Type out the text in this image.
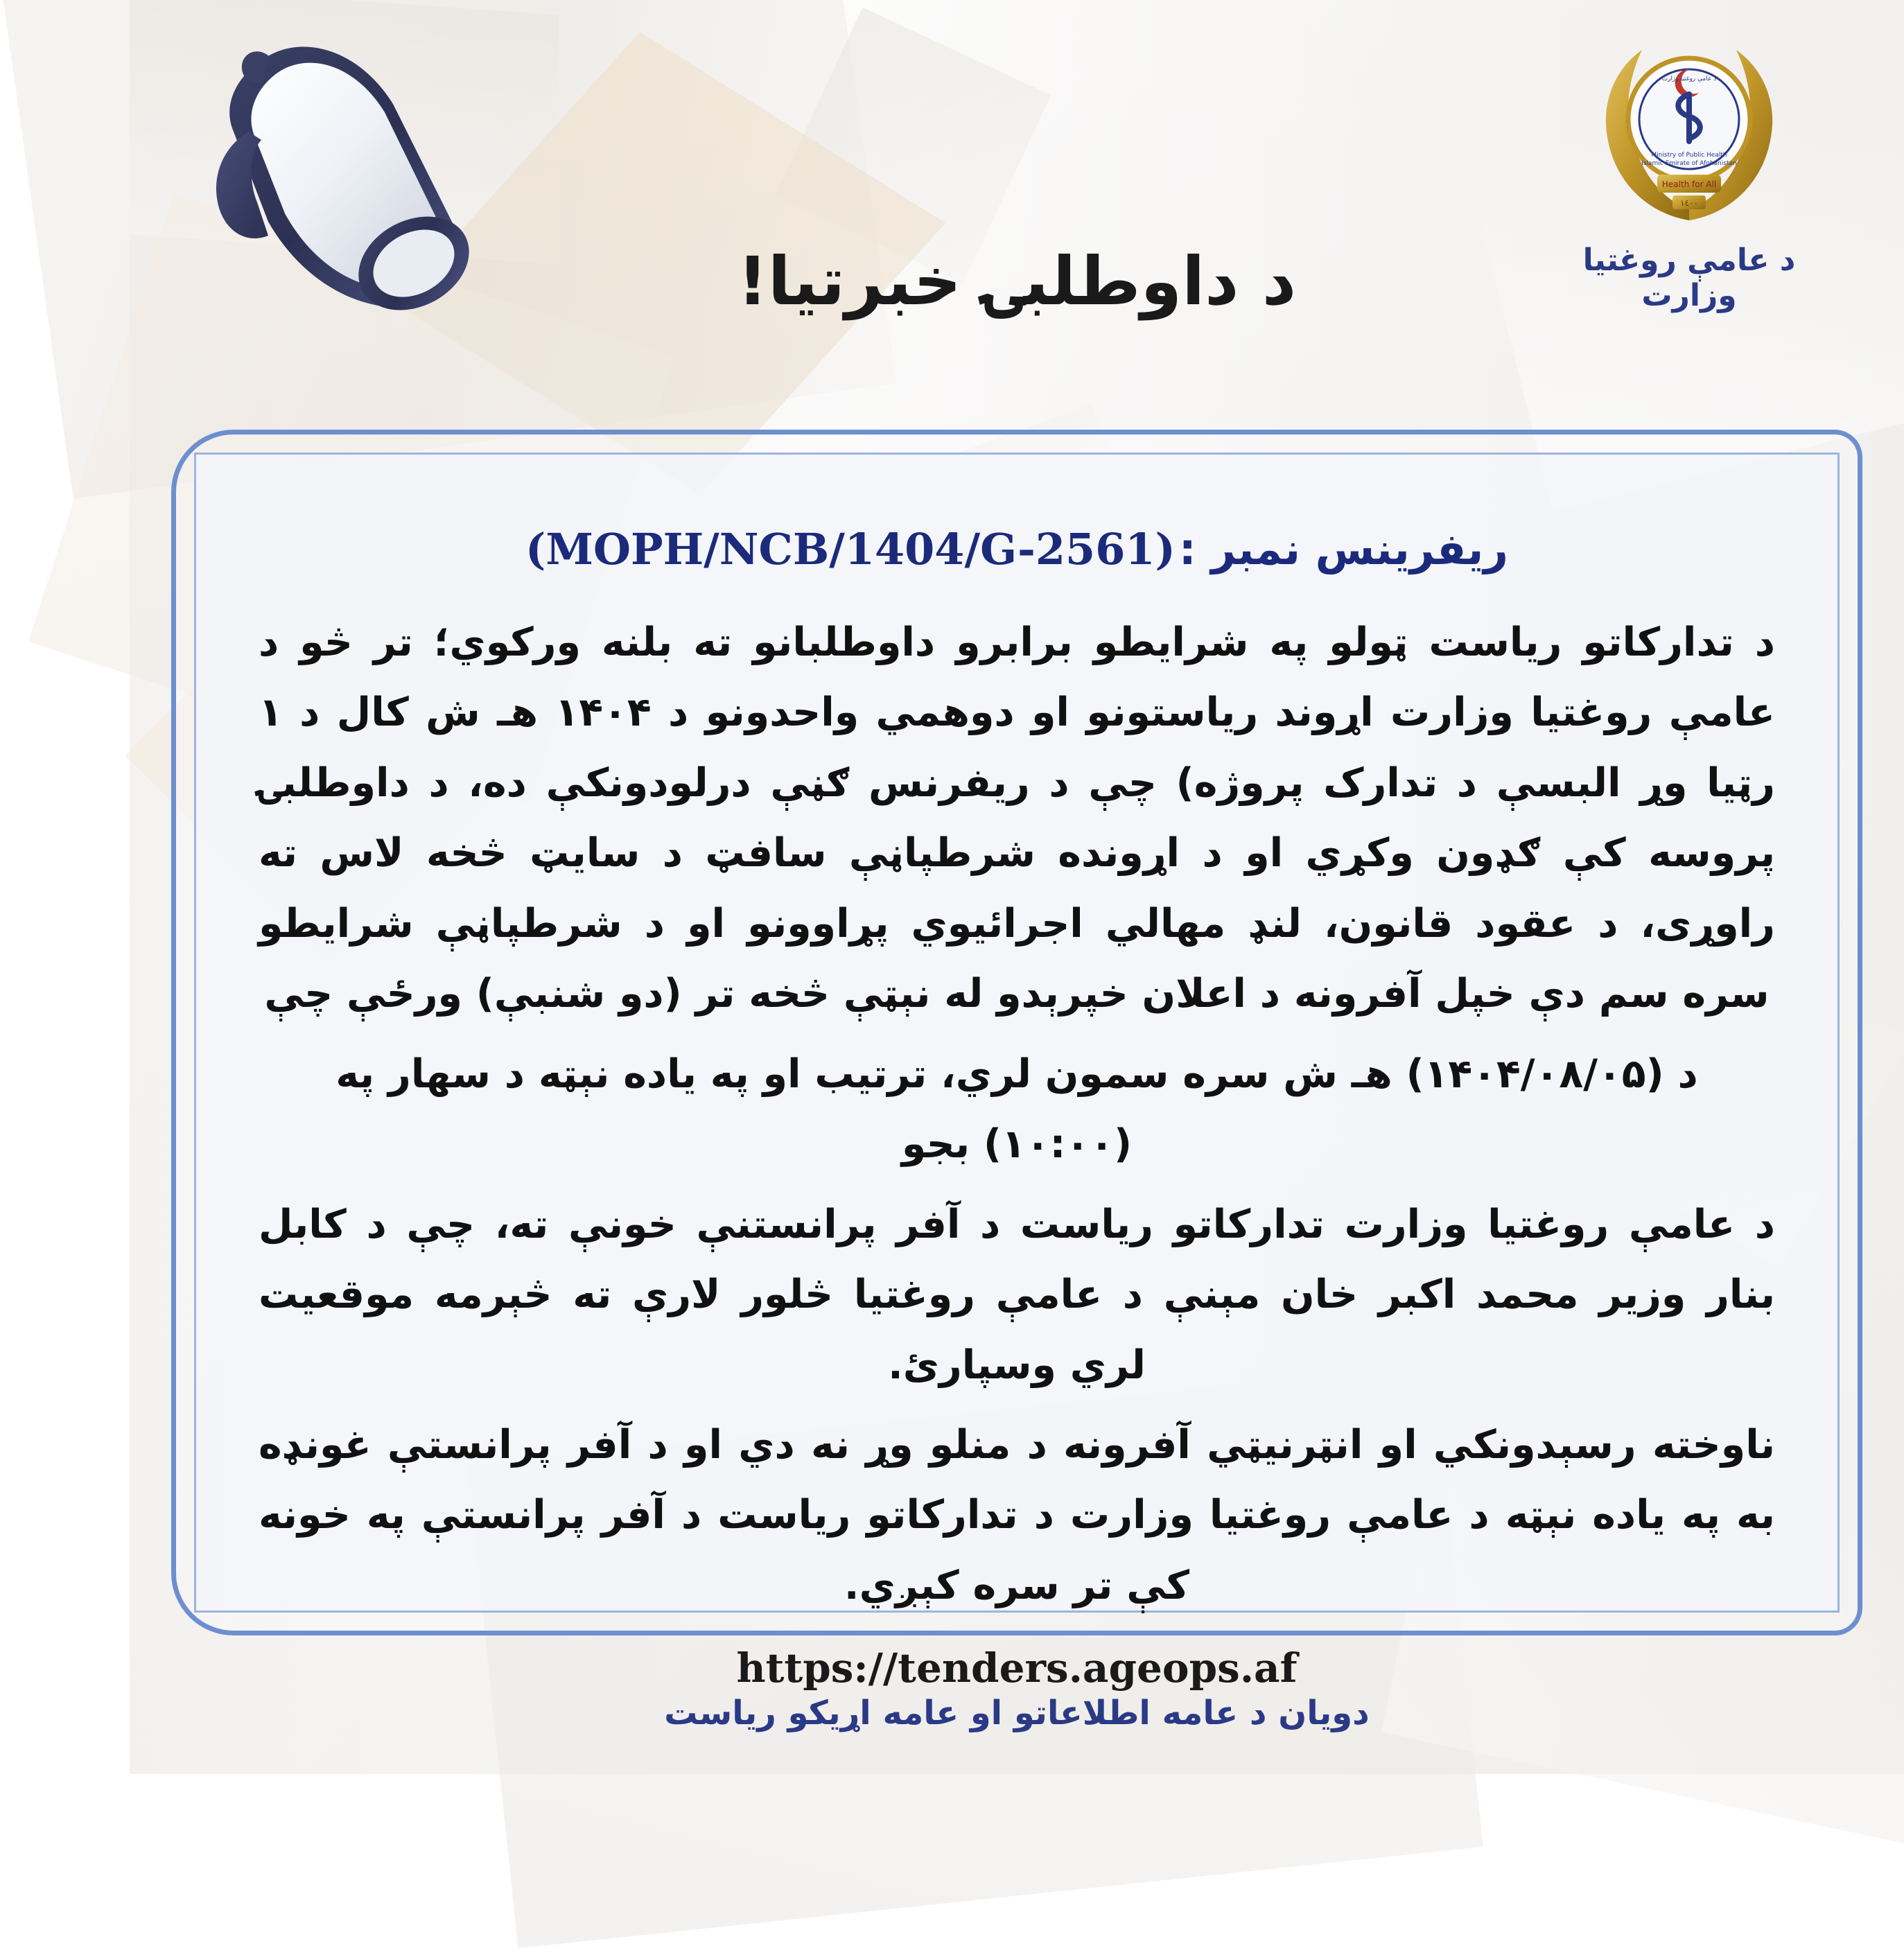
د داوطلبۍ خبرتیا!
د عامې روغتیا وزارت
Ministry of Public Health
Islamic Emirate of Afghanistan
Health for All
١٤٠٠
د عامې روغتیا وزارت
ریفرینس نمبر : (MOPH/NCB/1404/G-2561)

د تدارکاتو ریاست ټولو په شرایطو برابرو داوطلبانو ته بلنه ورکوي؛ تر څو د عامې روغتیا وزارت اړوند ریاستونو او دوهمي واحدونو د ۱۴۰۴ هـ ش کال د ۱ رټیا وړ البسې د تدارک پروژه) چې د ریفرنس ګڼې درلودونکې ده، د داوطلبۍ پروسه کې ګډون وکړي او د اړونده شرطپاڼې سافټ د سایټ څخه لاس ته راوړی، د عقود قانون، لنډ مهالي اجرائیوي پړاوونو او د شرطپاڼې شرایطو سره سم دې خپل آفرونه د اعلان خپرېدو له نېټې څخه تر (دو شنبې) ورځې چې

د (۱۴۰۴/۰۸/۰۵) هـ ش سره سمون لري، ترتیب او په یاده نېټه د سهار په (۱۰:۰۰) بجو

د عامې روغتیا وزارت تدارکاتو ریاست د آفر پرانستنې خونې ته، چې د کابل بنار وزیر محمد اکبر خان مېنې د عامې روغتیا څلور لارې ته څېرمه موقعیت لري وسپارئ.

ناوخته رسېدونکي او انټرنیټي آفرونه د منلو وړ نه دي او د آفر پرانستې غونډه به په یاده نېټه د عامې روغتیا وزارت د تدارکاتو ریاست د آفر پرانستې په خونه کې تر سره کېږي.

https://tenders.ageops.af
دویان د عامه اطلاعاتو او عامه اړیکو ریاست
